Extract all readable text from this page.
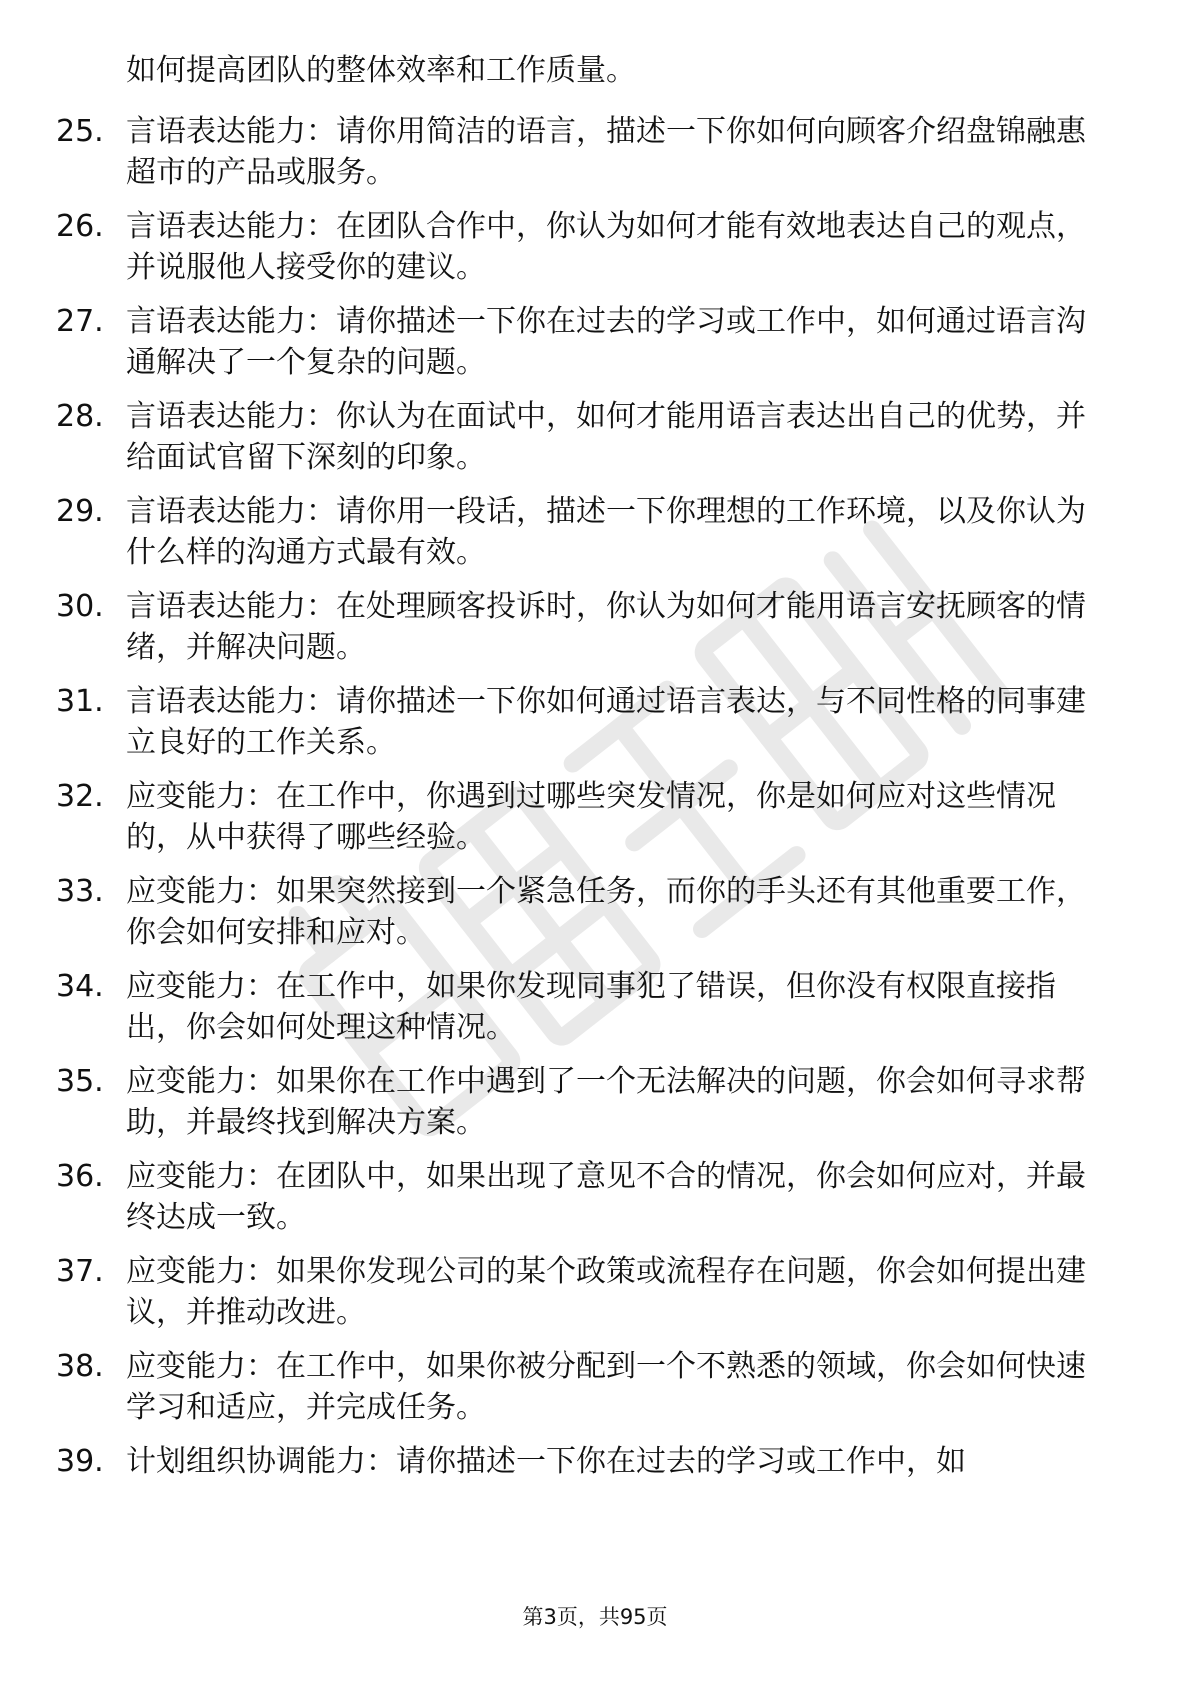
如何提高团队的整体效率和工作质量。
25. 言语表达能力：请你用简洁的语言，描述一下你如何向顾客介绍盘锦融惠超市的产品或服务。
26. 言语表达能力：在团队合作中，你认为如何才能有效地表达自己的观点，并说服他人接受你的建议。
27. 言语表达能力：请你描述一下你在过去的学习或工作中，如何通过语言沟通解决了一个复杂的问题。
28. 言语表达能力：你认为在面试中，如何才能用语言表达出自己的优势，并给面试官留下深刻的印象。
29. 言语表达能力：请你用一段话，描述一下你理想的工作环境，以及你认为什么样的沟通方式最有效。
30. 言语表达能力：在处理顾客投诉时，你认为如何才能用语言安抚顾客的情绪，并解决问题。
31. 言语表达能力：请你描述一下你如何通过语言表达，与不同性格的同事建立良好的工作关系。
32. 应变能力：在工作中，你遇到过哪些突发情况，你是如何应对这些情况的，从中获得了哪些经验。
33. 应变能力：如果突然接到一个紧急任务，而你的手头还有其他重要工作，你会如何安排和应对。
34. 应变能力：在工作中，如果你发现同事犯了错误，但你没有权限直接指出，你会如何处理这种情况。
35. 应变能力：如果你在工作中遇到了一个无法解决的问题，你会如何寻求帮助，并最终找到解决方案。
36. 应变能力：在团队中，如果出现了意见不合的情况，你会如何应对，并最终达成一致。
37. 应变能力：如果你发现公司的某个政策或流程存在问题，你会如何提出建议，并推动改进。
38. 应变能力：在工作中，如果你被分配到一个不熟悉的领域，你会如何快速学习和适应，并完成任务。
39. 计划组织协调能力：请你描述一下你在过去的学习或工作中，如
第3页，共95页
